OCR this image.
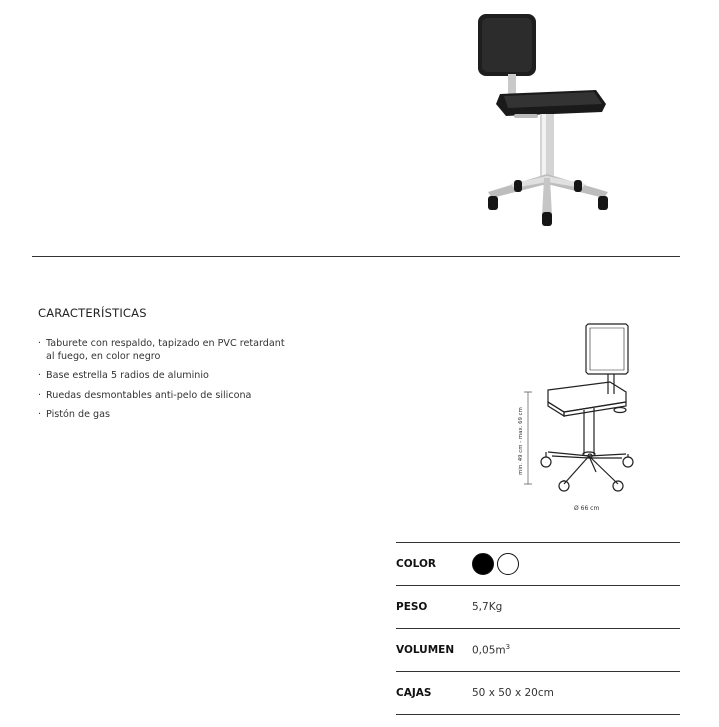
CARACTERÍSTICAS
· Taburete con respaldo, tapizado en PVC retardant al fuego, en color negro
· Base estrella 5 radios de aluminio
· Ruedas desmontables anti-pelo de silicona
· Pistón de gas	min. 49 cm - max. 69 cm
Ø 66 cm
COLOR
PESO	5,7Kg
VOLUMEN	$0,05m^3$
CAJAS	50 x 50 x 20cm
